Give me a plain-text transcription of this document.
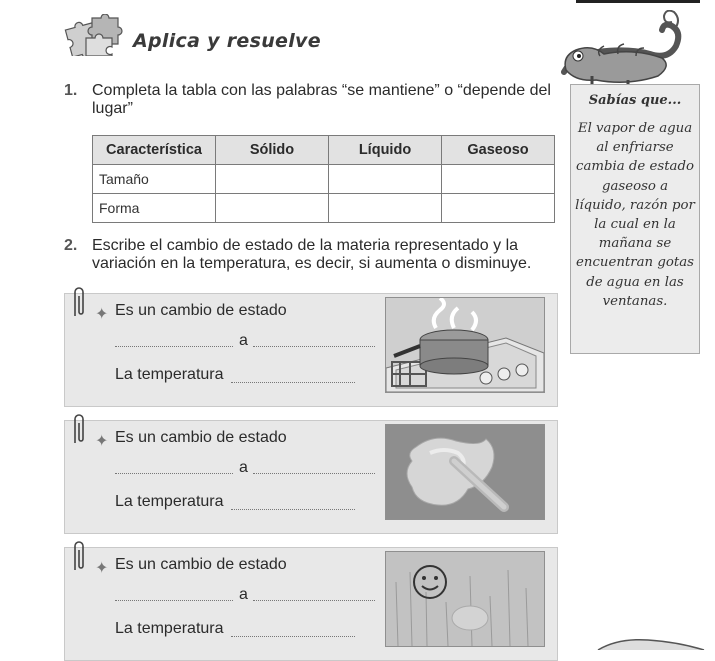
Aplica y resuelve
1. Completa la tabla con las palabras “se mantiene” o “depende del lugar”
Característica	Sólido	Líquido	Gaseoso
Tamaño			
Forma			
2. Escribe el cambio de estado de la materia representado y la variación en la temperatura, es decir, si aumenta o disminuye.
✦ Es un cambio de estado
a
La temperatura
✦ Es un cambio de estado
a
La temperatura
✦ Es un cambio de estado
a
La temperatura
Sabías que...
El vapor de agua al enfriarse cambia de estado gaseoso a líquido, razón por la cual en la mañana se encuentran gotas de agua en las ventanas.
